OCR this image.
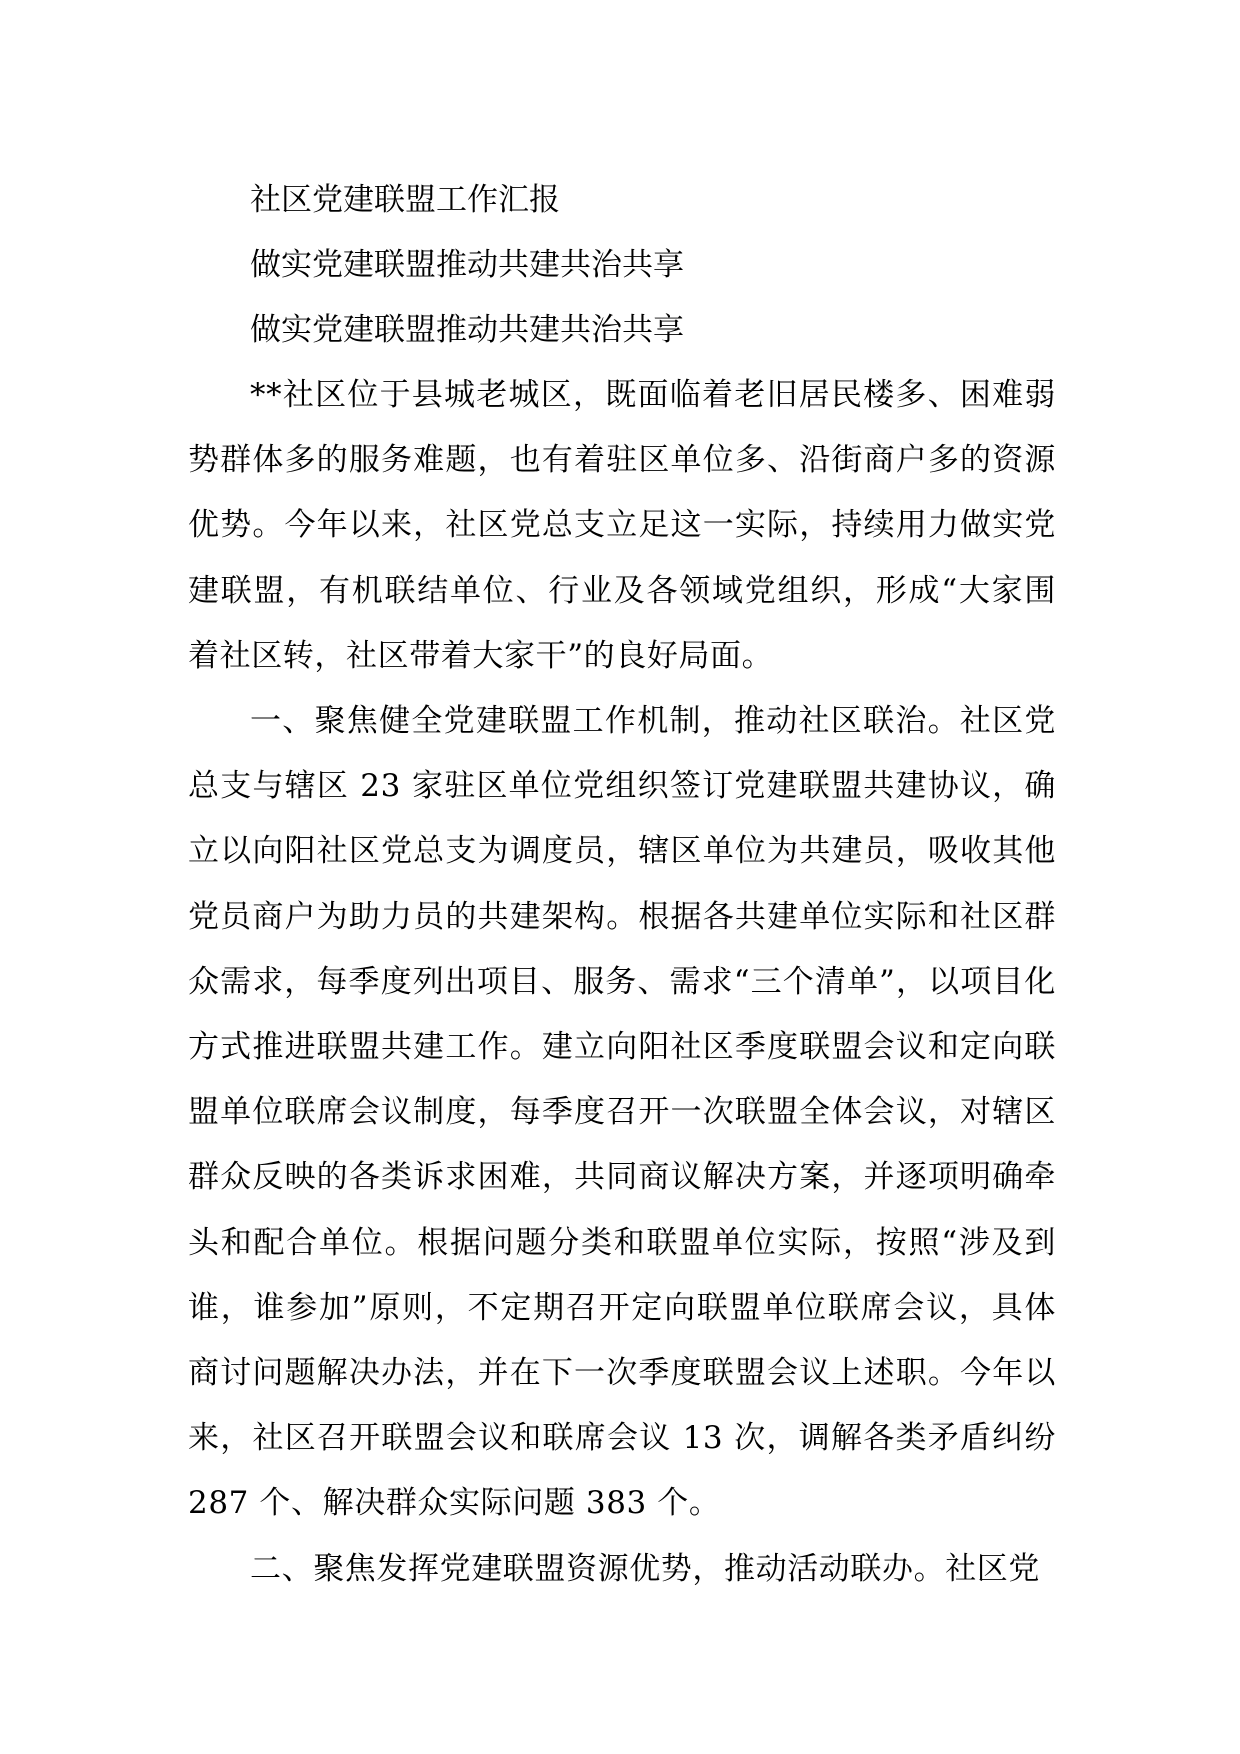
社区党建联盟工作汇报

做实党建联盟推动共建共治共享

做实党建联盟推动共建共治共享

**社区位于县城老城区，既面临着老旧居民楼多、困难弱势群体多的服务难题，也有着驻区单位多、沿街商户多的资源优势。今年以来，社区党总支立足这一实际，持续用力做实党建联盟，有机联结单位、行业及各领域党组织，形成“大家围着社区转，社区带着大家干”的良好局面。

一、聚焦健全党建联盟工作机制，推动社区联治。社区党总支与辖区 23 家驻区单位党组织签订党建联盟共建协议，确立以向阳社区党总支为调度员，辖区单位为共建员，吸收其他党员商户为助力员的共建架构。根据各共建单位实际和社区群众需求，每季度列出项目、服务、需求“三个清单”，以项目化方式推进联盟共建工作。建立向阳社区季度联盟会议和定向联盟单位联席会议制度，每季度召开一次联盟全体会议，对辖区群众反映的各类诉求困难，共同商议解决方案，并逐项明确牵头和配合单位。根据问题分类和联盟单位实际，按照“涉及到谁，谁参加”原则，不定期召开定向联盟单位联席会议，具体商讨问题解决办法，并在下一次季度联盟会议上述职。今年以来，社区召开联盟会议和联席会议 13 次，调解各类矛盾纠纷 287 个、解决群众实际问题 383 个。

二、聚焦发挥党建联盟资源优势，推动活动联办。社区党
